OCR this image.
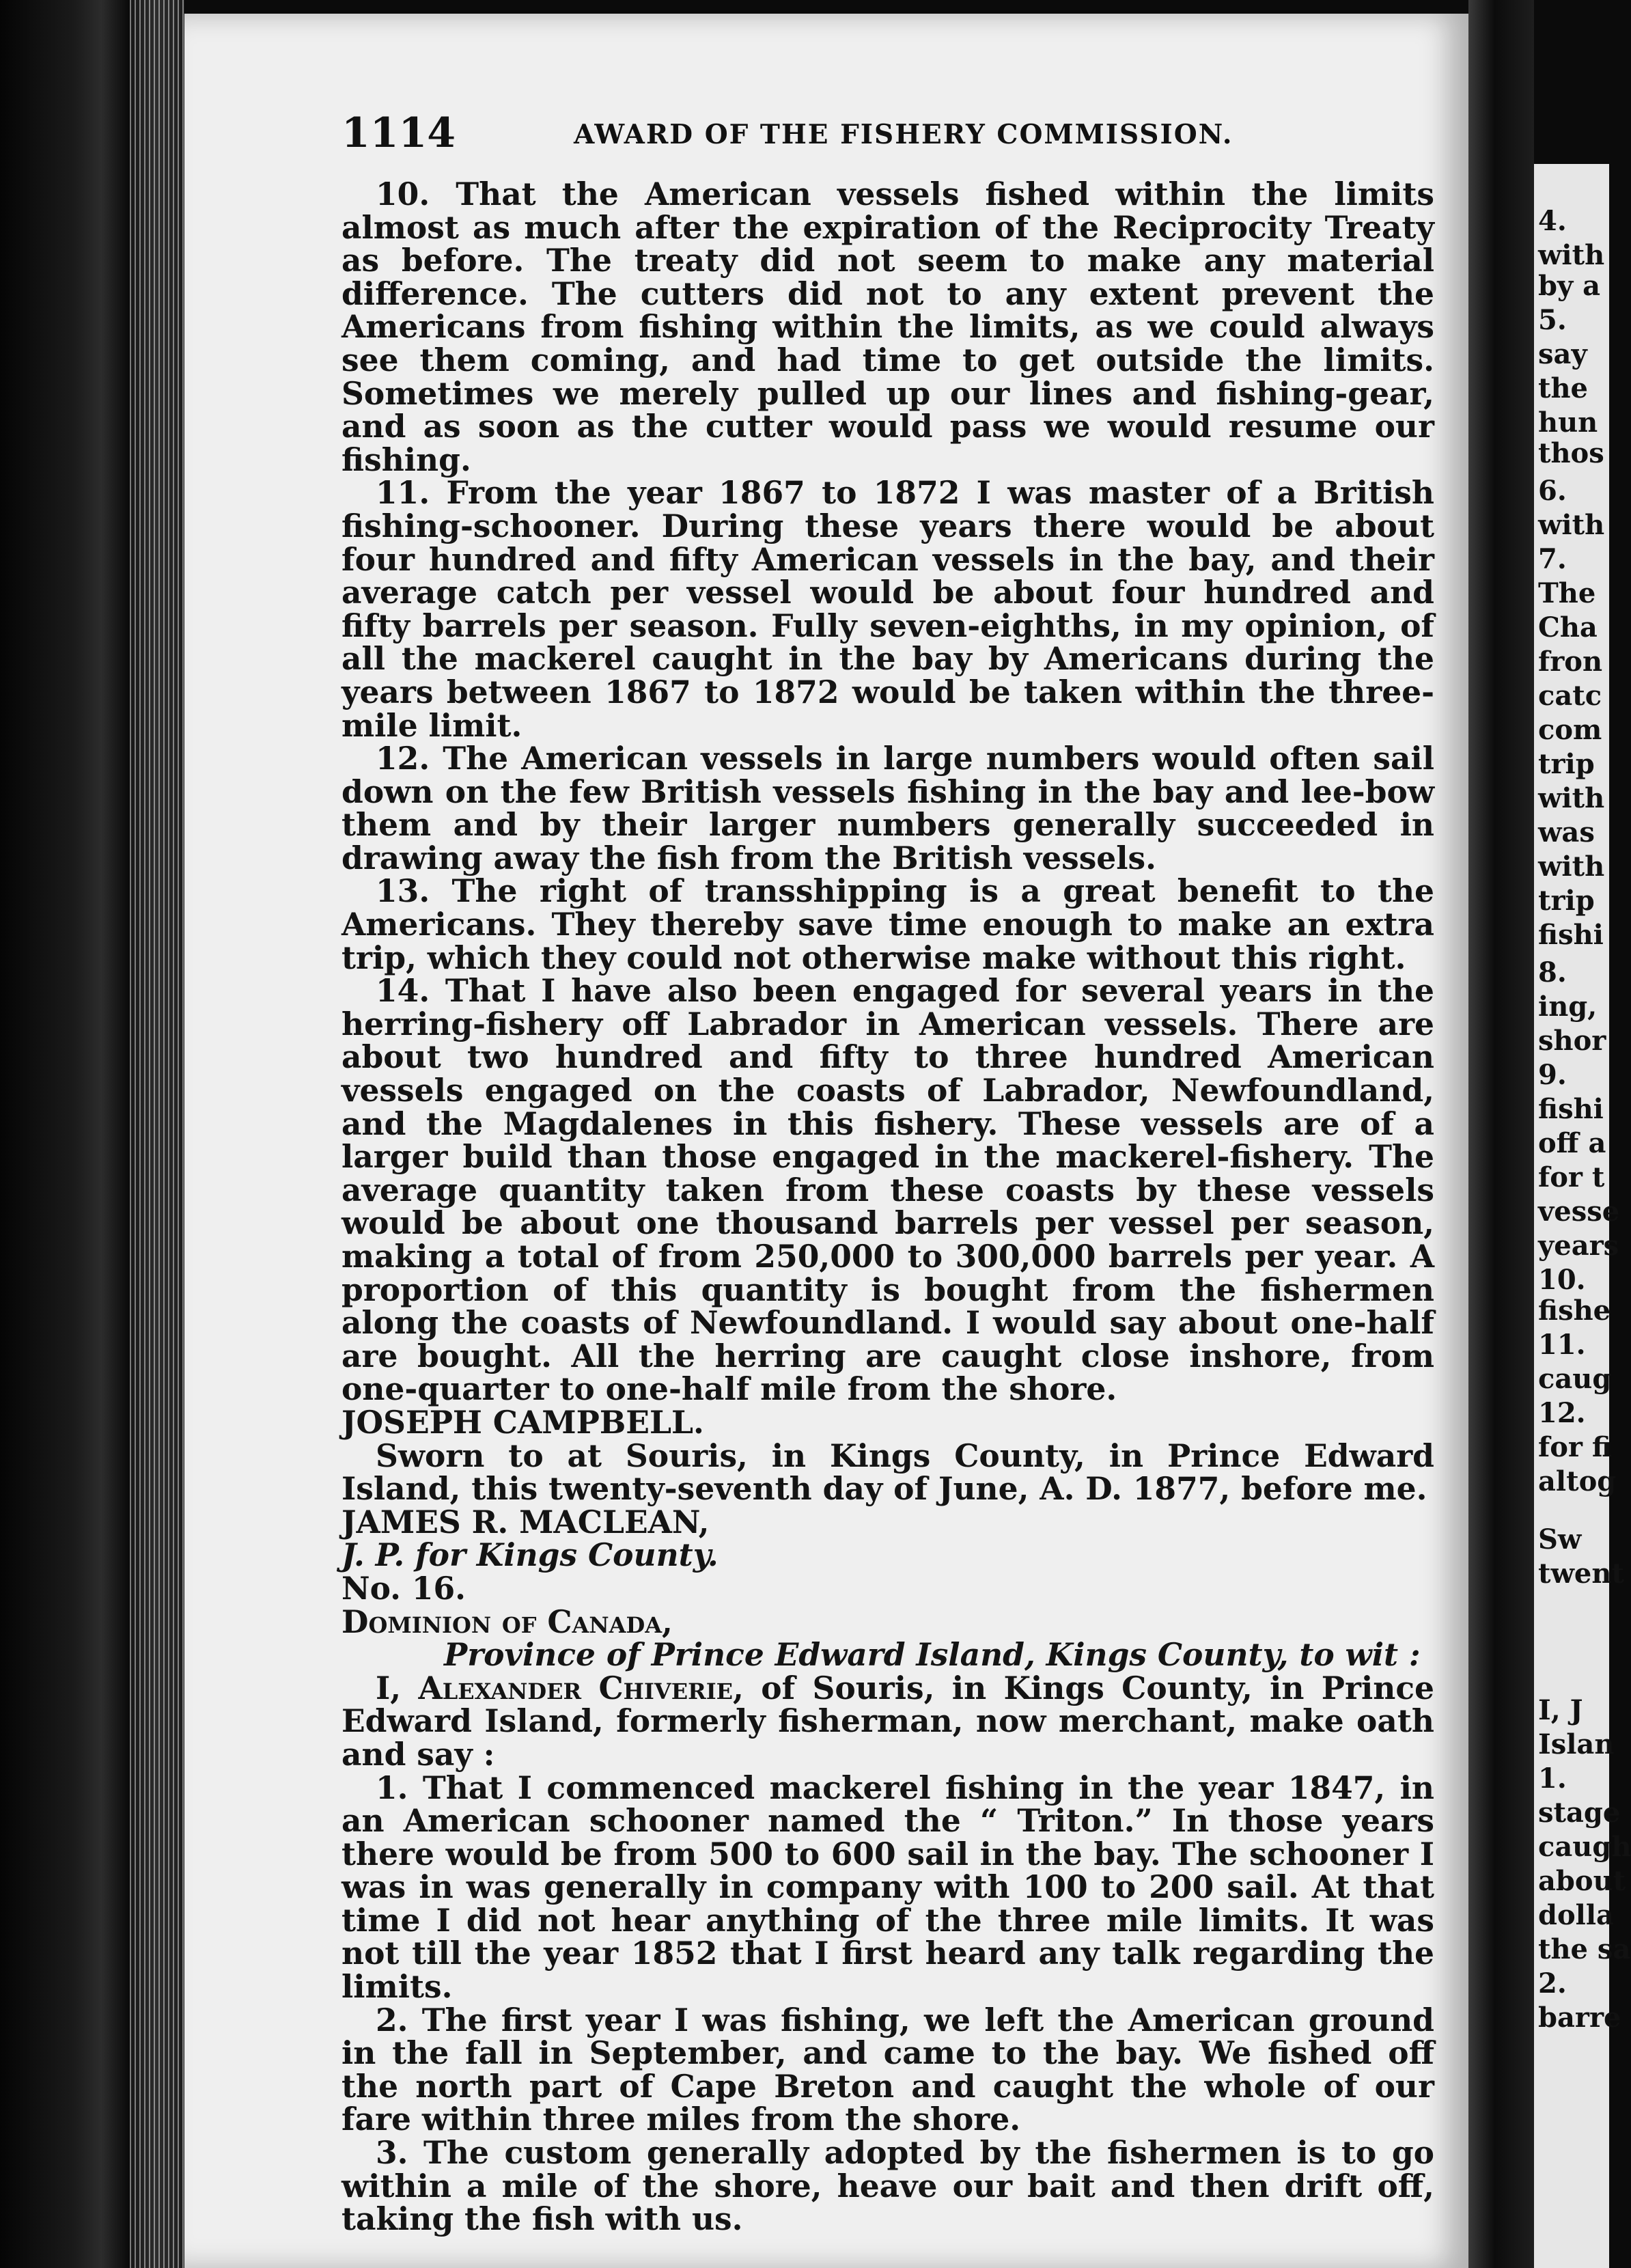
4.
with
by a
5.
say
the
hun
thos
6.
with
7.
The
Cha
fron
catc
com
trip
with
was
with
trip
fishi
8.
ing,
shor
9.
fishi
off a
for t
vesse
years
10.
fishe
11.
caug
12.
for fi
altog
Sw
twent
I, J
Islan
1.
stage
caugh
about
dolla
the sa
2.
barre
1114	AWARD OF THE FISHERY COMMISSION.

10. That the American vessels fished within the limits almost as much after the expiration of the Reciprocity Treaty as before. The treaty did not seem to make any material difference. The cutters did not to any extent prevent the Americans from fishing within the limits, as we could always see them coming, and had time to get outside the limits. Sometimes we merely pulled up our lines and fishing-gear, and as soon as the cutter would pass we would resume our fishing.

11. From the year 1867 to 1872 I was master of a British fishing-schooner. During these years there would be about four hundred and fifty American vessels in the bay, and their average catch per vessel would be about four hundred and fifty barrels per season. Fully seven-eighths, in my opinion, of all the mackerel caught in the bay by Americans during the years between 1867 to 1872 would be taken within the three-mile limit.

12. The American vessels in large numbers would often sail down on the few British vessels fishing in the bay and lee-bow them and by their larger numbers generally succeeded in drawing away the fish from the British vessels.

13. The right of transshipping is a great benefit to the Americans. They thereby save time enough to make an extra trip, which they could not otherwise make without this right.

14. That I have also been engaged for several years in the herring-fishery off Labrador in American vessels. There are about two hundred and fifty to three hundred American vessels engaged on the coasts of Labrador, Newfoundland, and the Magdalenes in this fishery. These vessels are of a larger build than those engaged in the mackerel-fishery. The average quantity taken from these coasts by these vessels would be about one thousand barrels per vessel per season, making a total of from 250,000 to 300,000 barrels per year. A proportion of this quantity is bought from the fishermen along the coasts of Newfoundland. I would say about one-half are bought. All the herring are caught close inshore, from one-quarter to one-half mile from the shore.

JOSEPH CAMPBELL.

Sworn to at Souris, in Kings County, in Prince Edward Island, this twenty-seventh day of June, A. D. 1877, before me.

JAMES R. MACLEAN,

J. P. for Kings County.

No. 16.

Dominion of Canada,

Province of Prince Edward Island, Kings County, to wit :

I, Alexander Chiverie, of Souris, in Kings County, in Prince Edward Island, formerly fisherman, now merchant, make oath and say :

1. That I commenced mackerel fishing in the year 1847, in an American schooner named the “ Triton.” In those years there would be from 500 to 600 sail in the bay. The schooner I was in was generally in company with 100 to 200 sail. At that time I did not hear anything of the three mile limits. It was not till the year 1852 that I first heard any talk regarding the limits.

2. The first year I was fishing, we left the American ground in the fall in September, and came to the bay. We fished off the north part of Cape Breton and caught the whole of our fare within three miles from the shore.

3. The custom generally adopted by the fishermen is to go within a mile of the shore, heave our bait and then drift off, taking the fish with us.
